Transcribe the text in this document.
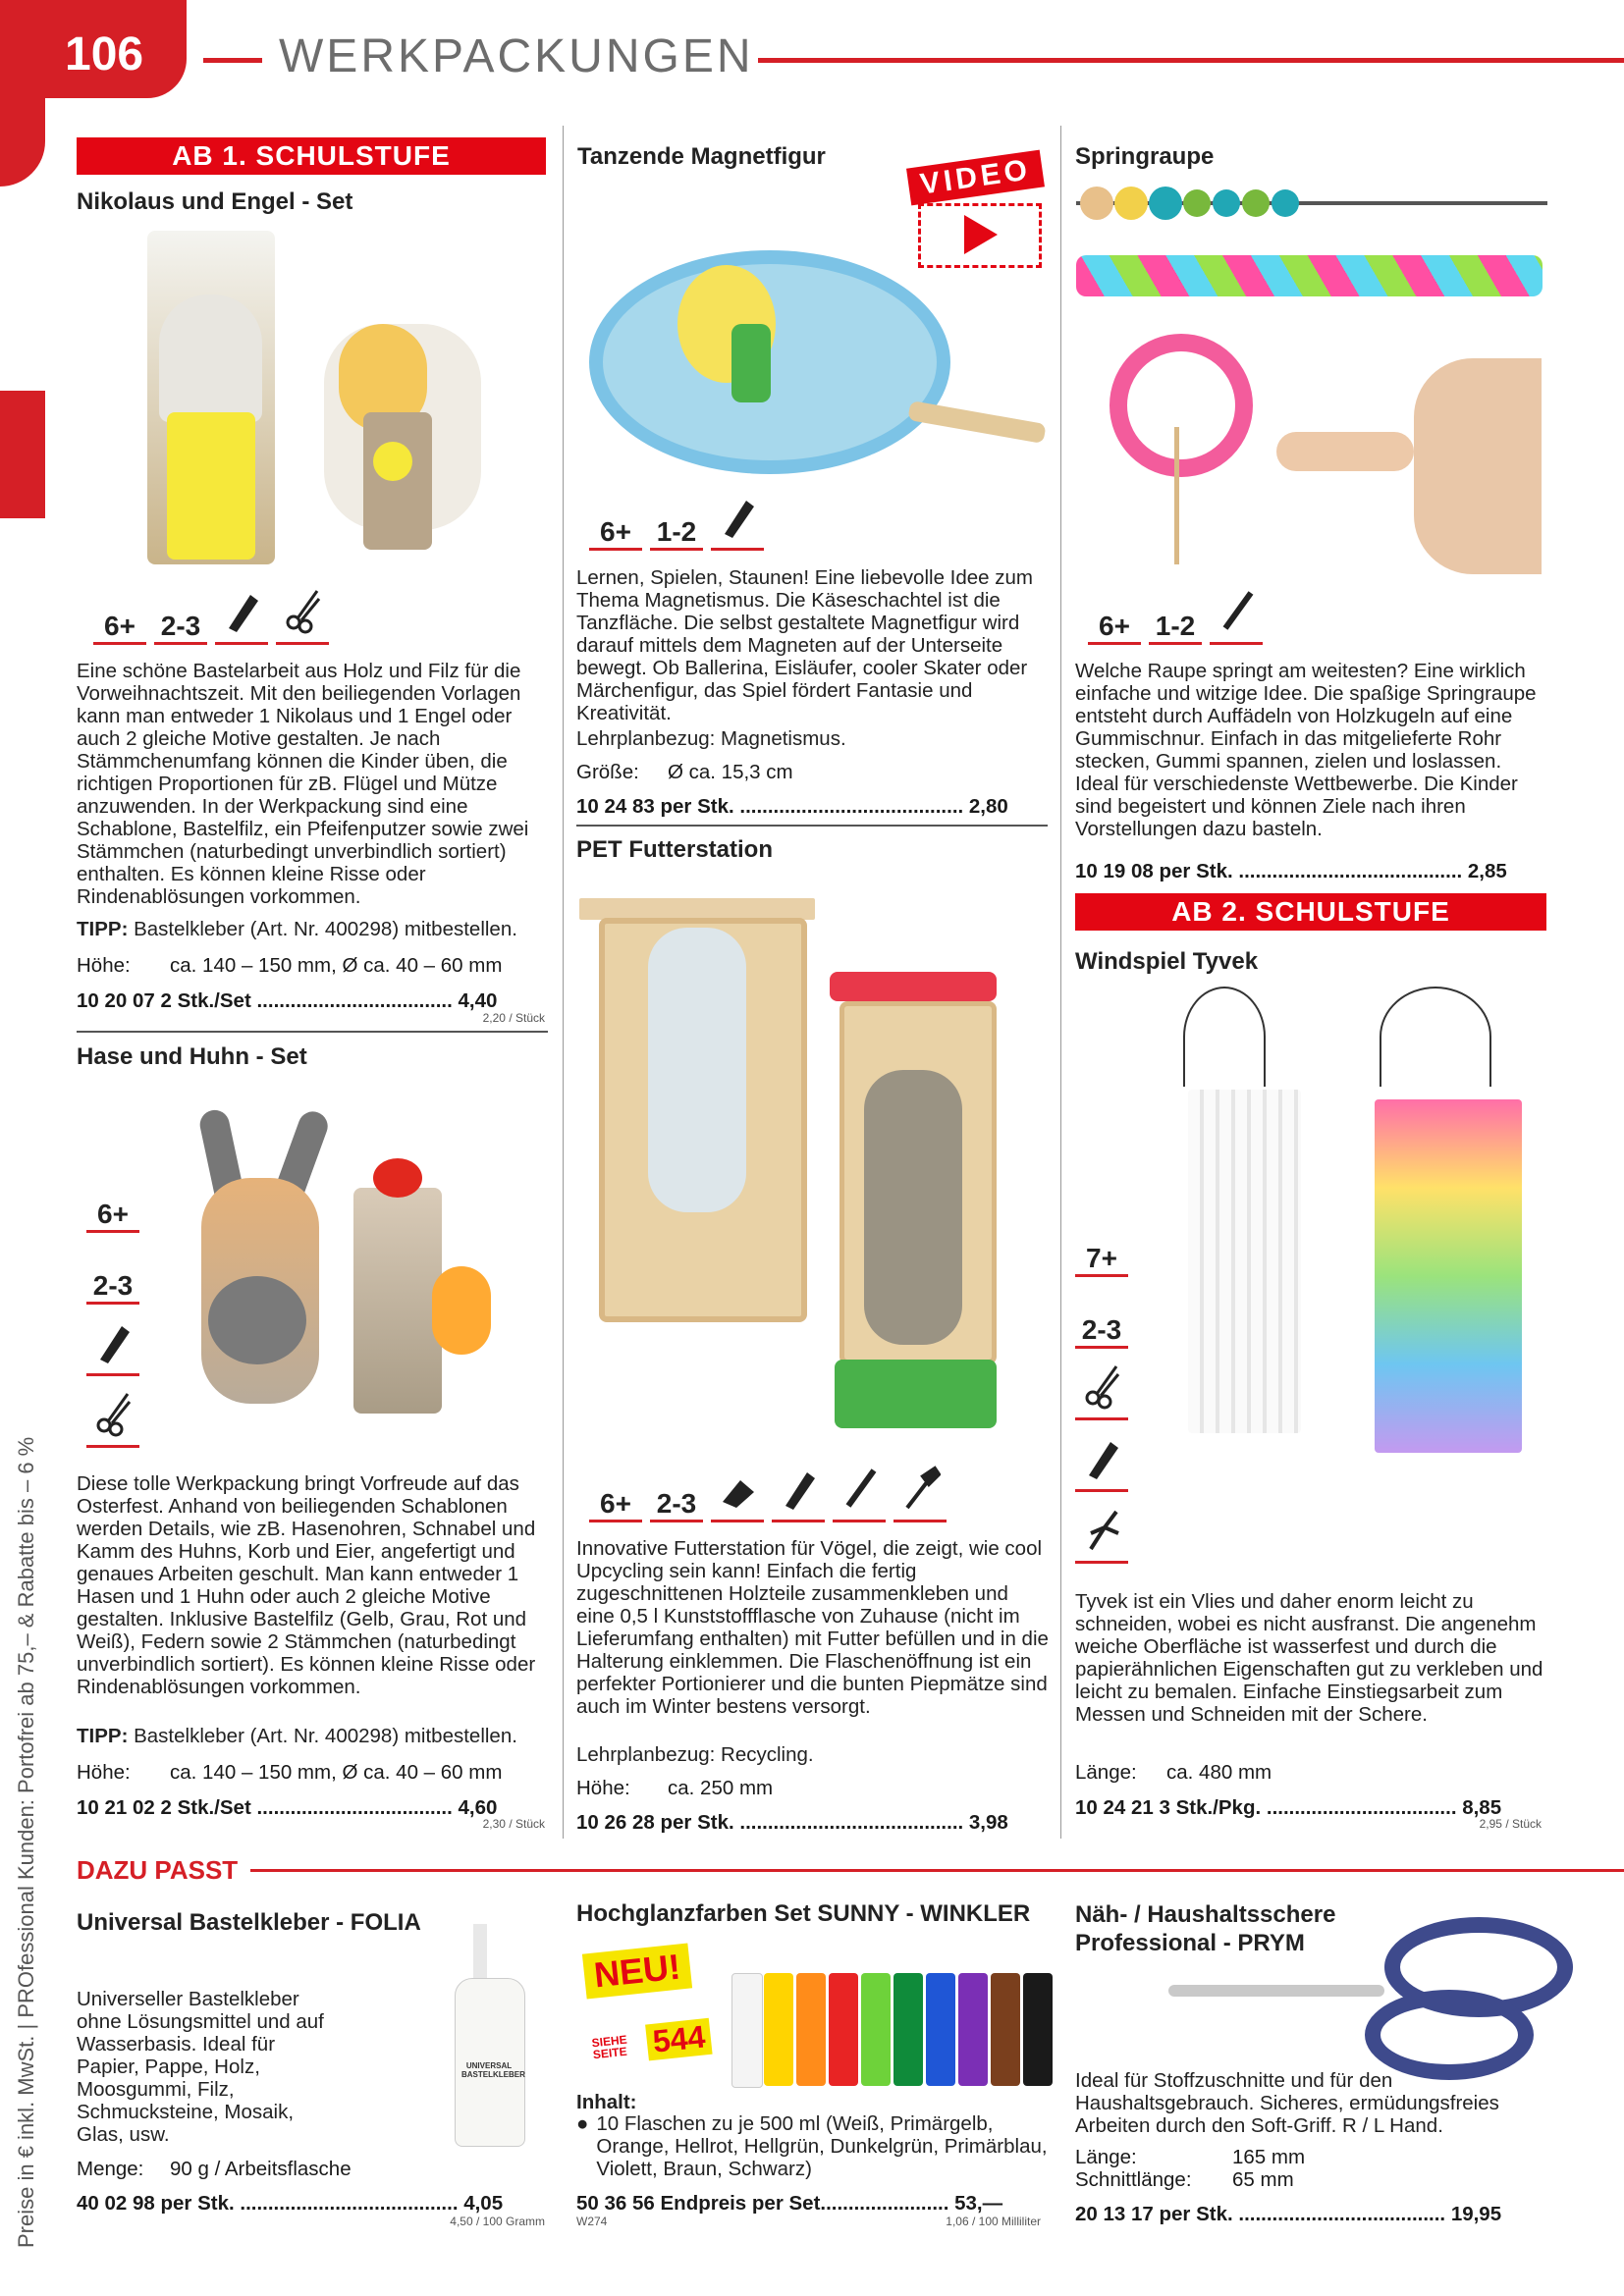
106	WERKPACKUNGEN
Preise in € inkl. MwSt. | PROfessional Kunden: Portofrei ab 75,– & Rabatte bis – 6 %
AB 1. SCHULSTUFE
Nikolaus und Engel - Set
6+ 2-3
Eine schöne Bastelarbeit aus Holz und Filz für die Vorweihnachtszeit. Mit den beiliegenden Vorlagen kann man entweder 1 Nikolaus und 1 Engel oder auch 2 gleiche Motive gestalten. Je nach Stämmchenumfang können die Kinder üben, die richtigen Proportionen für zB. Flügel und Mütze anzuwenden. In der Werkpackung sind eine Schablone, Bastelfilz, ein Pfeifenputzer sowie zwei Stämmchen (naturbedingt unverbindlich sortiert) enthalten. Es können kleine Risse oder Rindenablösungen vorkommen.
TIPP: Bastelkleber (Art. Nr. 400298) mitbestellen.
Höhe:	ca. 140 – 150 mm, Ø ca. 40 – 60 mm
10 20 07 2 Stk./Set ................................... 4,40
2,20 / Stück
Hase und Huhn - Set
6+
2-3
Diese tolle Werkpackung bringt Vorfreude auf das Osterfest. Anhand von beiliegenden Schablonen werden Details, wie zB. Hasenohren, Schnabel und Kamm des Huhns, Korb und Eier, angefertigt und genaues Arbeiten geschult. Man kann entweder 1 Hasen und 1 Huhn oder auch 2 gleiche Motive gestalten. Inklusive Bastelfilz (Gelb, Grau, Rot und Weiß), Federn sowie 2 Stämmchen (naturbedingt unverbindlich sortiert). Es können kleine Risse oder Rindenablösungen vorkommen.
TIPP: Bastelkleber (Art. Nr. 400298) mitbestellen.
Höhe:	ca. 140 – 150 mm, Ø ca. 40 – 60 mm
10 21 02 2 Stk./Set ................................... 4,60
2,30 / Stück
Tanzende Magnetfigur	VIDEO
6+ 1-2
Lernen, Spielen, Staunen! Eine liebevolle Idee zum Thema Magnetismus. Die Käseschachtel ist die Tanzfläche. Die selbst gestaltete Magnetfigur wird darauf mittels dem Magneten auf der Unterseite bewegt. Ob Ballerina, Eisläufer, cooler Skater oder Märchenfigur, das Spiel fördert Fantasie und Kreativität.
Lehrplanbezug: Magnetismus.
Größe:	Ø ca. 15,3 cm
10 24 83 per Stk. ........................................ 2,80
PET Futterstation
6+ 2-3
Innovative Futterstation für Vögel, die zeigt, wie cool Upcycling sein kann! Einfach die fertig zugeschnittenen Holzteile zusammenkleben und eine 0,5 l Kunststoffflasche von Zuhause (nicht im Lieferumfang enthalten) mit Futter befüllen und in die Halterung einklemmen. Die Flaschenöffnung ist ein perfekter Portionierer und die bunten Piepmätze sind auch im Winter bestens versorgt.
Lehrplanbezug: Recycling.
Höhe:	ca. 250 mm
10 26 28 per Stk. ........................................ 3,98
Springraupe
6+ 1-2
Welche Raupe springt am weitesten? Eine wirklich einfache und witzige Idee. Die spaßige Springraupe entsteht durch Auffädeln von Holzkugeln auf eine Gummischnur. Einfach in das mitgelieferte Rohr stecken, Gummi spannen, zielen und loslassen. Ideal für verschiedenste Wettbewerbe. Die Kinder sind begeistert und können Ziele nach ihren Vorstellungen dazu basteln.
10 19 08 per Stk. ........................................ 2,85
AB 2. SCHULSTUFE
Windspiel Tyvek
7+
2-3
Tyvek ist ein Vlies und daher enorm leicht zu schneiden, wobei es nicht ausfranst. Die angenehm weiche Oberfläche ist wasserfest und durch die papierähnlichen Eigenschaften gut zu verkleben und leicht zu bemalen. Einfache Einstiegsarbeit zum Messen und Schneiden mit der Schere.
Länge:	ca. 480 mm
10 24 21 3 Stk./Pkg. .................................. 8,85
2,95 / Stück
DAZU PASST
Universal Bastelkleber - FOLIA
Universeller Bastelkleber ohne Lösungsmittel und auf Wasserbasis. Ideal für Papier, Pappe, Holz, Moosgummi, Filz, Schmucksteine, Mosaik, Glas, usw.
UNIVERSAL BASTELKLEBER
Menge:	90 g / Arbeitsflasche
40 02 98 per Stk. ....................................... 4,05
4,50 / 100 Gramm
Hochglanzfarben Set SUNNY - WINKLER
NEU!
SIEHE SEITE 544
Inhalt:
● 10 Flaschen zu je 500 ml (Weiß, Primärgelb, Orange, Hellrot, Hellgrün, Dunkelgrün, Primärblau, Violett, Braun, Schwarz)
50 36 56 Endpreis per Set....................... 53,—
W274	1,06 / 100 Milliliter
Näh- / Haushaltsschere Professional - PRYM
Ideal für Stoffzuschnitte und für den Haushaltsgebrauch. Sicheres, ermüdungsfreies Arbeiten durch den Soft-Griff. R / L Hand.
Länge:	165 mm
Schnittlänge:	65 mm
20 13 17 per Stk. ..................................... 19,95
